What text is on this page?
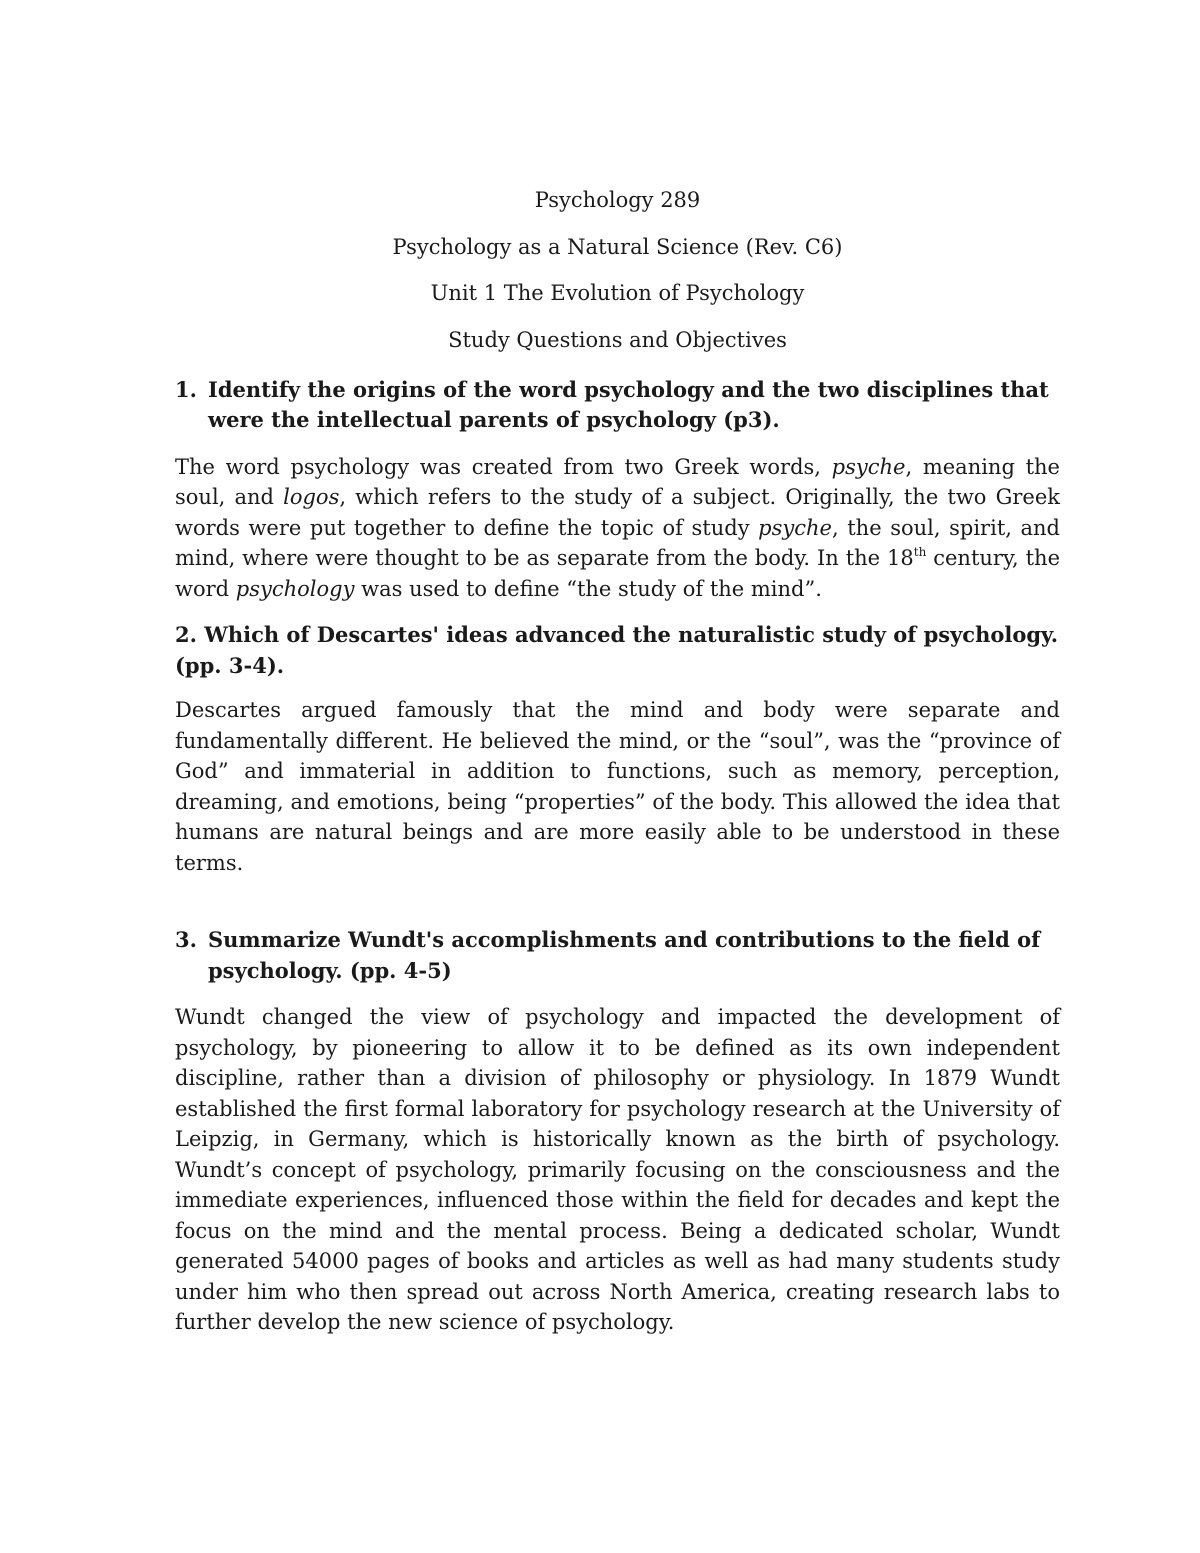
Psychology 289

Psychology as a Natural Science (Rev. C6)

Unit 1 The Evolution of Psychology

Study Questions and Objectives

1. Identify the origins of the word psychology and the two disciplines that were the intellectual parents of psychology (p3).

The word psychology was created from two Greek words, psyche, meaning the soul, and logos, which refers to the study of a subject. Originally, the two Greek words were put together to define the topic of study psyche, the soul, spirit, and mind, where were thought to be as separate from the body. In the 18th century, the word psychology was used to define “the study of the mind”.

2. Which of Descartes' ideas advanced the naturalistic study of psychology. (pp. 3-4).

Descartes argued famously that the mind and body were separate and fundamentally different. He believed the mind, or the “soul”, was the “province of God” and immaterial in addition to functions, such as memory, perception, dreaming, and emotions, being “properties” of the body. This allowed the idea that humans are natural beings and are more easily able to be understood in these terms.

3. Summarize Wundt's accomplishments and contributions to the field of psychology. (pp. 4-5)

Wundt changed the view of psychology and impacted the development of psychology, by pioneering to allow it to be defined as its own independent discipline, rather than a division of philosophy or physiology. In 1879 Wundt established the first formal laboratory for psychology research at the University of Leipzig, in Germany, which is historically known as the birth of psychology. Wundt’s concept of psychology, primarily focusing on the consciousness and the immediate experiences, influenced those within the field for decades and kept the focus on the mind and the mental process. Being a dedicated scholar, Wundt generated 54000 pages of books and articles as well as had many students study under him who then spread out across North America, creating research labs to further develop the new science of psychology.
